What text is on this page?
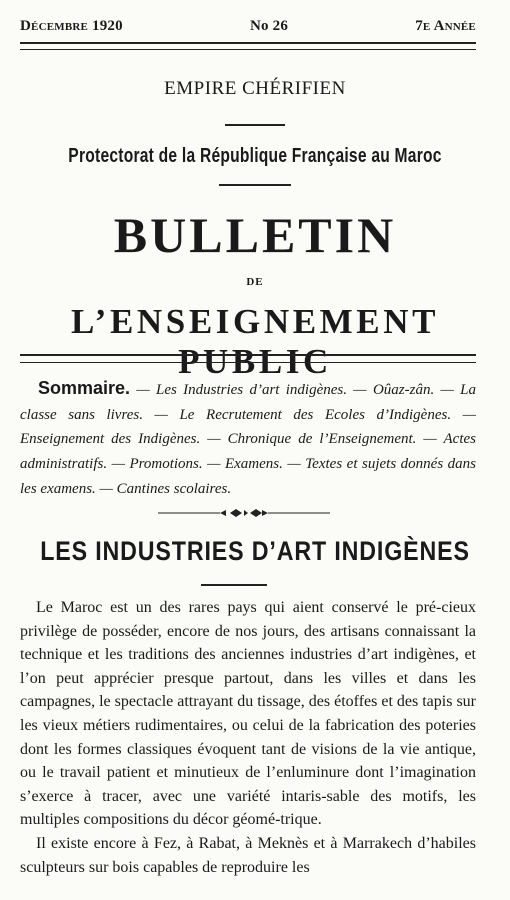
Décembre 1920	No 26	7e Année
EMPIRE CHÉRIFIEN
Protectorat de la République Française au Maroc
BULLETIN
DE
L’ENSEIGNEMENT PUBLIC
Sommaire. — Les Industries d’art indigènes. — Oûaz-zân. — La classe sans livres. — Le Recrutement des Ecoles d’Indigènes. — Enseignement des Indigènes. — Chronique de l’Enseignement. — Actes administratifs. — Promotions. — Examens. — Textes et sujets donnés dans les examens. — Cantines scolaires.
LES INDUSTRIES D’ART INDIGÈNES

Le Maroc est un des rares pays qui aient conservé le pré-cieux privilège de posséder, encore de nos jours, des artisans connaissant la technique et les traditions des anciennes industries d’art indigènes, et l’on peut apprécier presque partout, dans les villes et dans les campagnes, le spectacle attrayant du tissage, des étoffes et des tapis sur les vieux métiers rudimentaires, ou celui de la fabrication des poteries dont les formes classiques évoquent tant de visions de la vie antique, ou le travail patient et minutieux de l’enluminure dont l’imagination s’exerce à tracer, avec une variété intaris-sable des motifs, les multiples compositions du décor géomé-trique.

Il existe encore à Fez, à Rabat, à Meknès et à Marrakech d’habiles sculpteurs sur bois capables de reproduire les
